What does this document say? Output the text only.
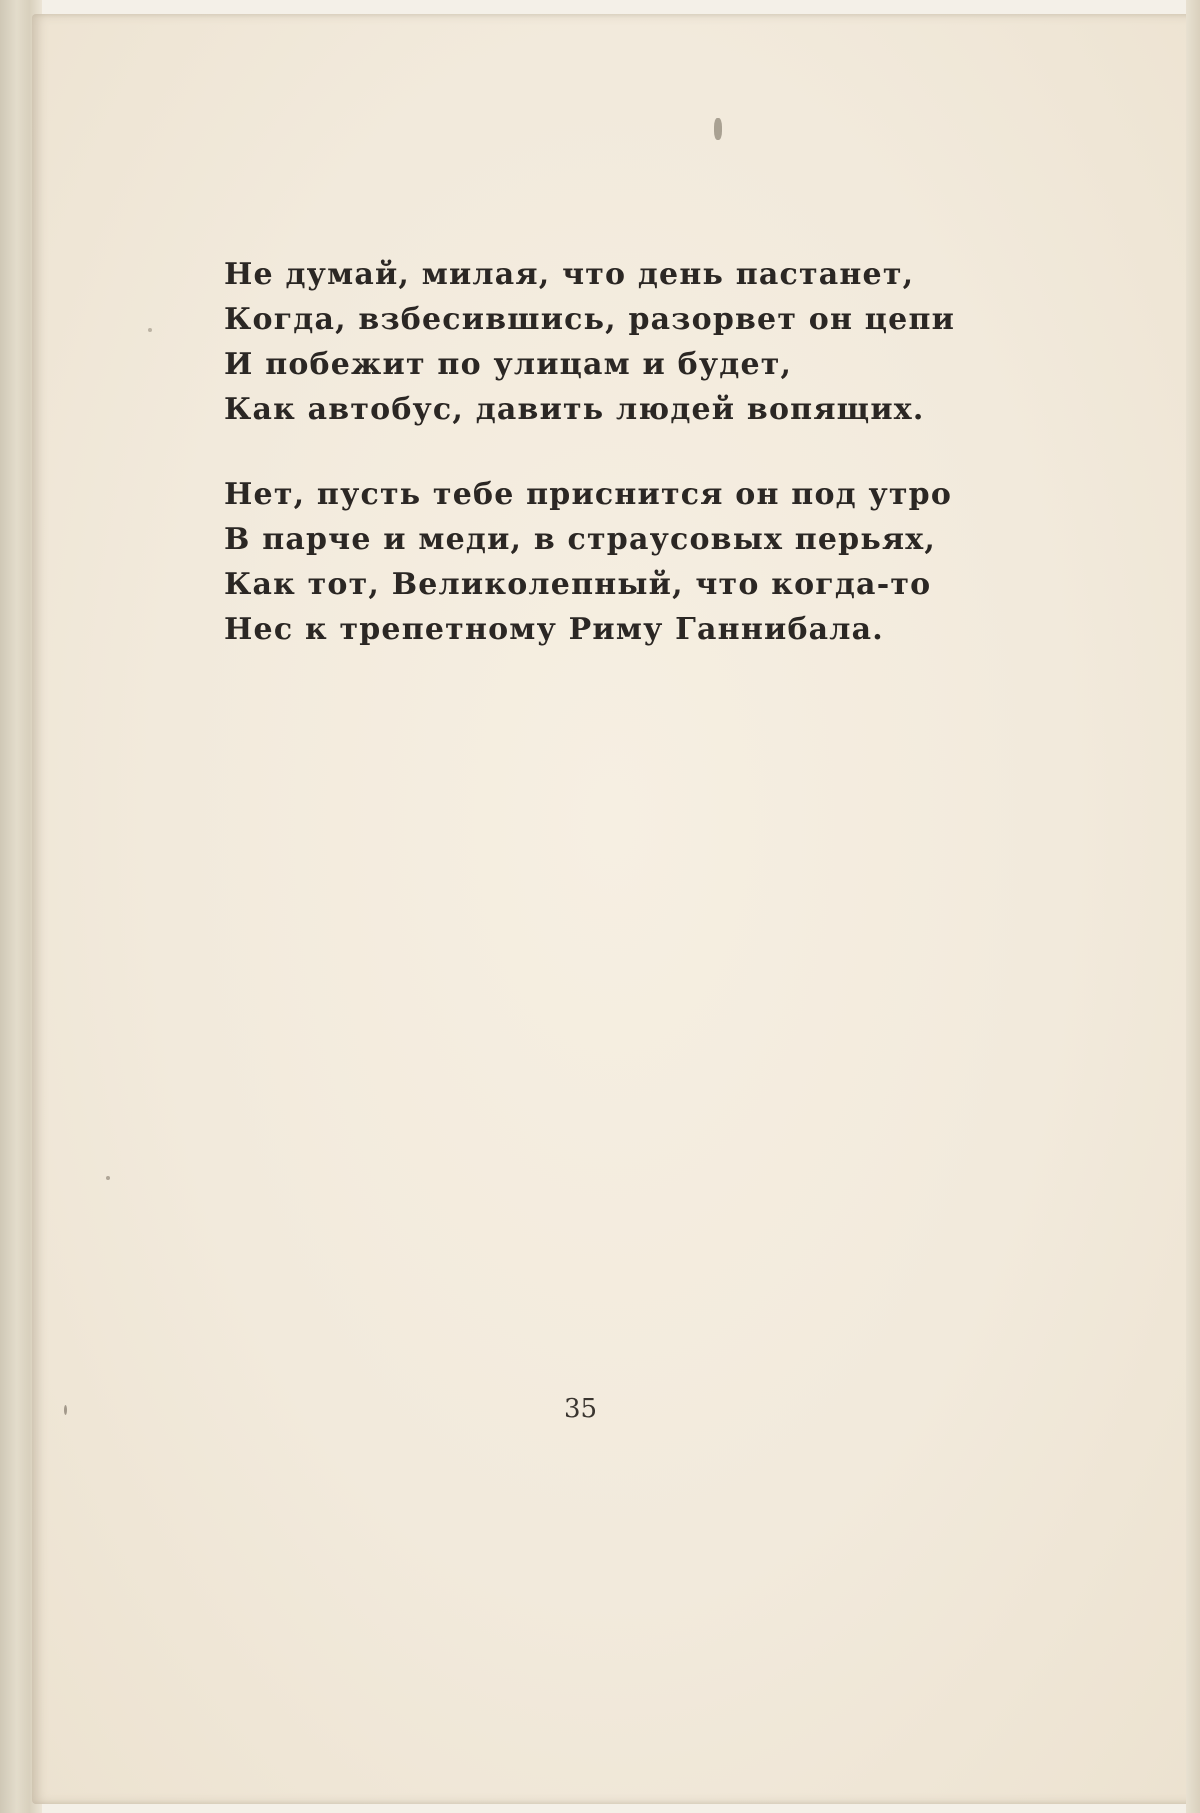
Не думай, милая, что день пастанет,
Когда, взбесившись, разорвет он цепи
И побежит по улицам и будет,
Как автобус, давить людей вопящих.
Нет, пусть тебе приснится он под утро
В парче и меди, в страусовых перьях,
Как тот, Великолепный, что когда-то
Нес к трепетному Риму Ганнибала.
35
